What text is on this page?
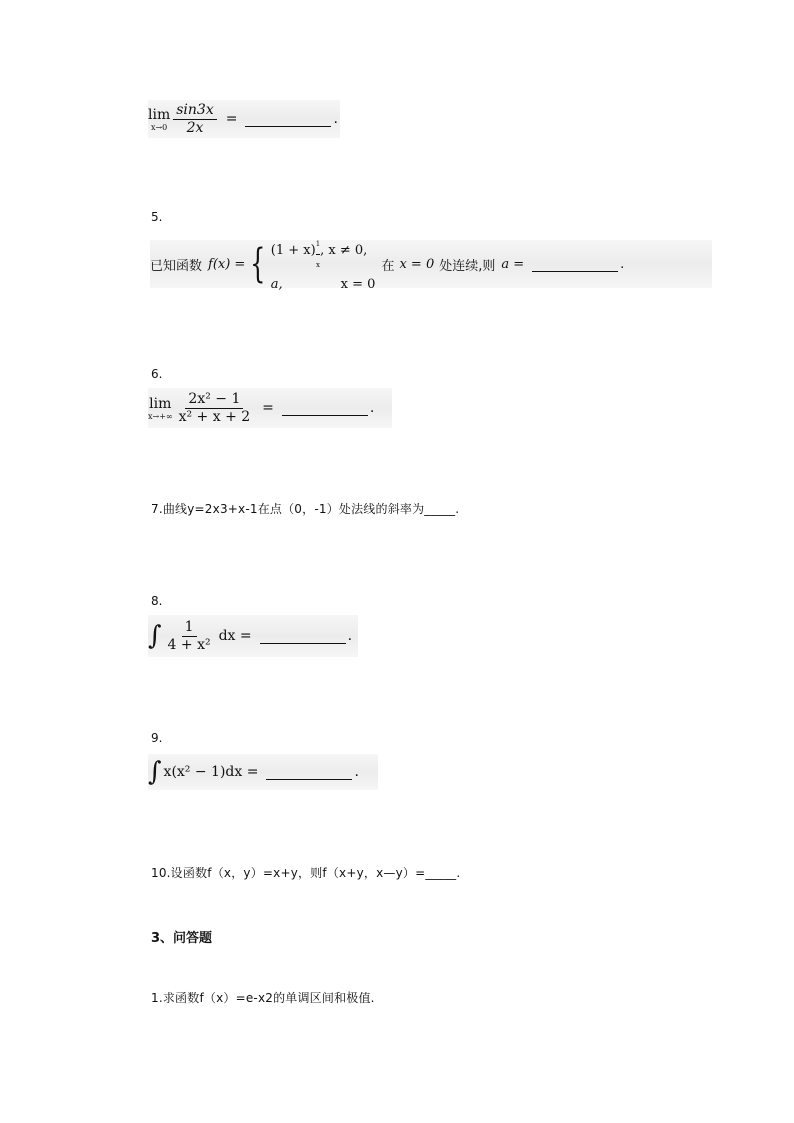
lim
$x\to 0 \frac{\sin 3x}{2x}$ =	.
5.
已知函数 f(x) = { $(1 + x) \frac{1}{x}$ , x ≠ 0,
a,	x = 0
在 x = 0 处连续,则 a =	.
6.
lim
$x\to+\infty \frac{\text{2x² − 1}}{\text{x² + x + 2}}$ =	.
7.曲线y=2x3+x-1在点（0，-1）处法线的斜率为_____.
8.
∫ $\frac{1}{\text{4 + x²}}$ dx =	.
9.
∫ x(x² − 1)dx =	.
10.设函数f（x，y）=x+y，则f（x+y，x—y）=_____.
3、问答题
1.求函数f（x）=e-x2的单调区间和极值.
